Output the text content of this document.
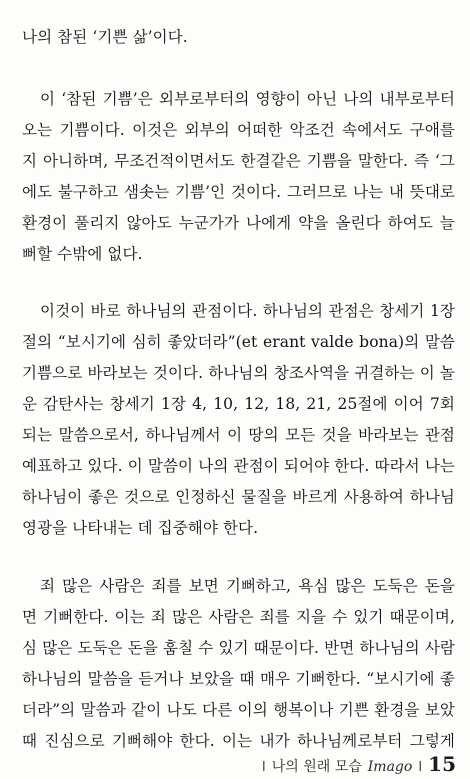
나의 참된 ‘기쁜 삶’이다.
이 ‘참된 기쁨’은 외부로부터의 영향이 아닌 나의 내부로부터
오는 기쁨이다. 이것은 외부의 어떠한 악조건 속에서도 구애를
지 아니하며, 무조건적이면서도 한결같은 기쁨을 말한다. 즉 ‘그
에도 불구하고 샘솟는 기쁨’인 것이다. 그러므로 나는 내 뜻대로
환경이 풀리지 않아도 누군가가 나에게 약을 올린다 하여도 늘
뻐할 수밖에 없다.
이것이 바로 하나님의 관점이다. 하나님의 관점은 창세기 1장
절의 “보시기에 심히 좋았더라”(et erant valde bona)의 말씀
기쁨으로 바라보는 것이다. 하나님의 창조사역을 귀결하는 이 놀
운 감탄사는 창세기 1장 4, 10, 12, 18, 21, 25절에 이어 7회
되는 말씀으로서, 하나님께서 이 땅의 모든 것을 바라보는 관점
예표하고 있다. 이 말씀이 나의 관점이 되어야 한다. 따라서 나는
하나님이 좋은 것으로 인정하신 물질을 바르게 사용하여 하나님
영광을 나타내는 데 집중해야 한다.
죄 많은 사람은 죄를 보면 기뻐하고, 욕심 많은 도둑은 돈을
면 기뻐한다. 이는 죄 많은 사람은 죄를 지을 수 있기 때문이며,
심 많은 도둑은 돈을 훔칠 수 있기 때문이다. 반면 하나님의 사람
하나님의 말씀을 듣거나 보았을 때 매우 기뻐한다. “보시기에 좋
더라”의 말씀과 같이 나도 다른 이의 행복이나 기쁜 환경을 보았
때 진심으로 기뻐해야 한다. 이는 내가 하나님께로부터 그렇게
I 나의 원래 모습 Imago I 15
